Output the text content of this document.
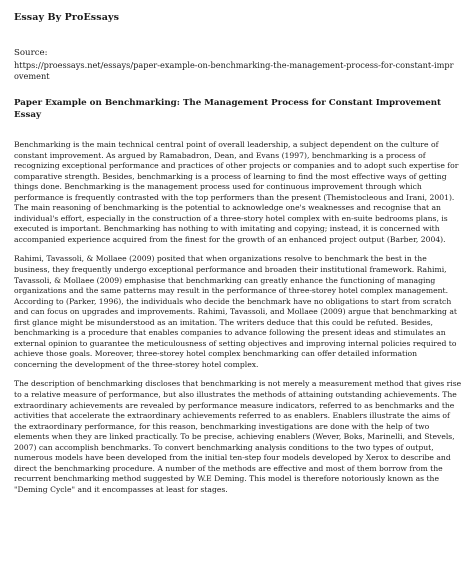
Essay By ProEssays
Source:
https://proessays.net/essays/paper-example-on-benchmarking-the-management-process-for-constant-improvement
Paper Example on Benchmarking: The Management Process for Constant Improvement Essay

Benchmarking is the main technical central point of overall leadership, a subject dependent on the culture of constant improvement. As argued by Ramabadron, Dean, and Evans (1997), benchmarking is a process of recognizing exceptional performance and practices of other projects or companies and to adopt such expertise for comparative strength. Besides, benchmarking is a process of learning to find the most effective ways of getting things done. Benchmarking is the management process used for continuous improvement through which performance is frequently contrasted with the top performers than the present (Themistocleous and Irani, 2001). The main reasoning of benchmarking is the potential to acknowledge one's weaknesses and recognise that an individual's effort, especially in the construction of a three-story hotel complex with en-suite bedrooms plans, is executed is important. Benchmarking has nothing to with imitating and copying; instead, it is concerned with accompanied experience acquired from the finest for the growth of an enhanced project output (Barber, 2004).

Rahimi, Tavassoli, & Mollaee (2009) posited that when organizations resolve to benchmark the best in the business, they frequently undergo exceptional performance and broaden their institutional framework. Rahimi, Tavassoli, & Mollaee (2009) emphasise that benchmarking can greatly enhance the functioning of managing organizations and the same patterns may result in the performance of three-storey hotel complex management. According to (Parker, 1996), the individuals who decide the benchmark have no obligations to start from scratch and can focus on upgrades and improvements. Rahimi, Tavassoli, and Mollaee (2009) argue that benchmarking at first glance might be misunderstood as an imitation. The writers deduce that this could be refuted. Besides, benchmarking is a procedure that enables companies to advance following the present ideas and stimulates an external opinion to guarantee the meticulousness of setting objectives and improving internal policies required to achieve those goals. Moreover, three-storey hotel complex benchmarking can offer detailed information concerning the development of the three-storey hotel complex.

The description of benchmarking discloses that benchmarking is not merely a measurement method that gives rise to a relative measure of performance, but also illustrates the methods of attaining outstanding achievements. The extraordinary achievements are revealed by performance measure indicators, referred to as benchmarks and the activities that accelerate the extraordinary achievements referred to as enablers. Enablers illustrate the aims of the extraordinary performance, for this reason, benchmarking investigations are done with the help of two elements when they are linked practically. To be precise, achieving enablers (Wever, Boks, Marinelli, and Stevels, 2007) can accomplish benchmarks. To convert benchmarking analysis conditions to the two types of output, numerous models have been developed from the initial ten-step four models developed by Xerox to describe and direct the benchmarking procedure. A number of the methods are effective and most of them borrow from the recurrent benchmarking method suggested by W.E Deming. This model is therefore notoriously known as the "Deming Cycle" and it encompasses at least for stages.
